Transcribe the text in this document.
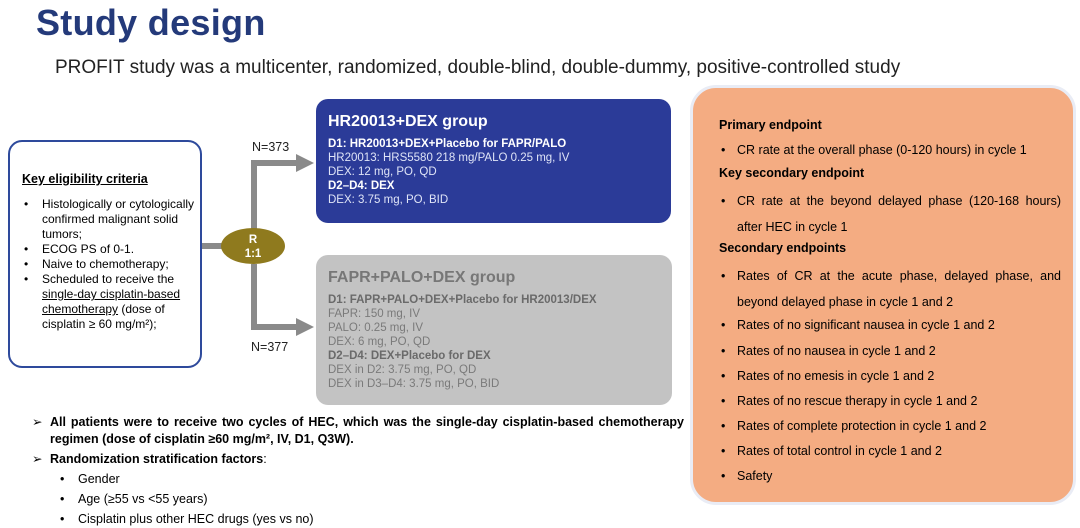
Study design
PROFIT study was a multicenter, randomized, double-blind, double-dummy, positive-controlled study
Key eligibility criteria
• Histologically or cytologically confirmed malignant solid tumors;
• ECOG PS of 0-1.
• Naive to chemotherapy;
• Scheduled to receive the single-day cisplatin-based chemotherapy (dose of cisplatin ≥ 60 mg/m²);
R
1:1
N=373
N=377
HR20013+DEX group
D1: HR20013+DEX+Placebo for FAPR/PALO
HR20013: HRS5580 218 mg/PALO 0.25 mg, IV
DEX: 12 mg, PO, QD
D2–D4: DEX
DEX: 3.75 mg, PO, BID
FAPR+PALO+DEX group
D1: FAPR+PALO+DEX+Placebo for HR20013/DEX
FAPR: 150 mg, IV
PALO: 0.25 mg, IV
DEX: 6 mg, PO, QD
D2–D4: DEX+Placebo for DEX
DEX in D2: 3.75 mg, PO, QD
DEX in D3–D4: 3.75 mg, PO, BID
Primary endpoint
• CR rate at the overall phase (0-120 hours) in cycle 1
Key secondary endpoint
• CR rate at the beyond delayed phase (120-168 hours) after HEC in cycle 1
Secondary endpoints
• Rates of CR at the acute phase, delayed phase, and beyond delayed phase in cycle 1 and 2
• Rates of no significant nausea in cycle 1 and 2
• Rates of no nausea in cycle 1 and 2
• Rates of no emesis in cycle 1 and 2
• Rates of no rescue therapy in cycle 1 and 2
• Rates of complete protection in cycle 1 and 2
• Rates of total control in cycle 1 and 2
• Safety
➢ All patients were to receive two cycles of HEC, which was the single-day cisplatin-based chemotherapy regimen (dose of cisplatin ≥60 mg/m², IV, D1, Q3W).
➢ Randomization stratification factors:
•	Gender
•	Age (≥55 vs <55 years)
•	Cisplatin plus other HEC drugs (yes vs no)
